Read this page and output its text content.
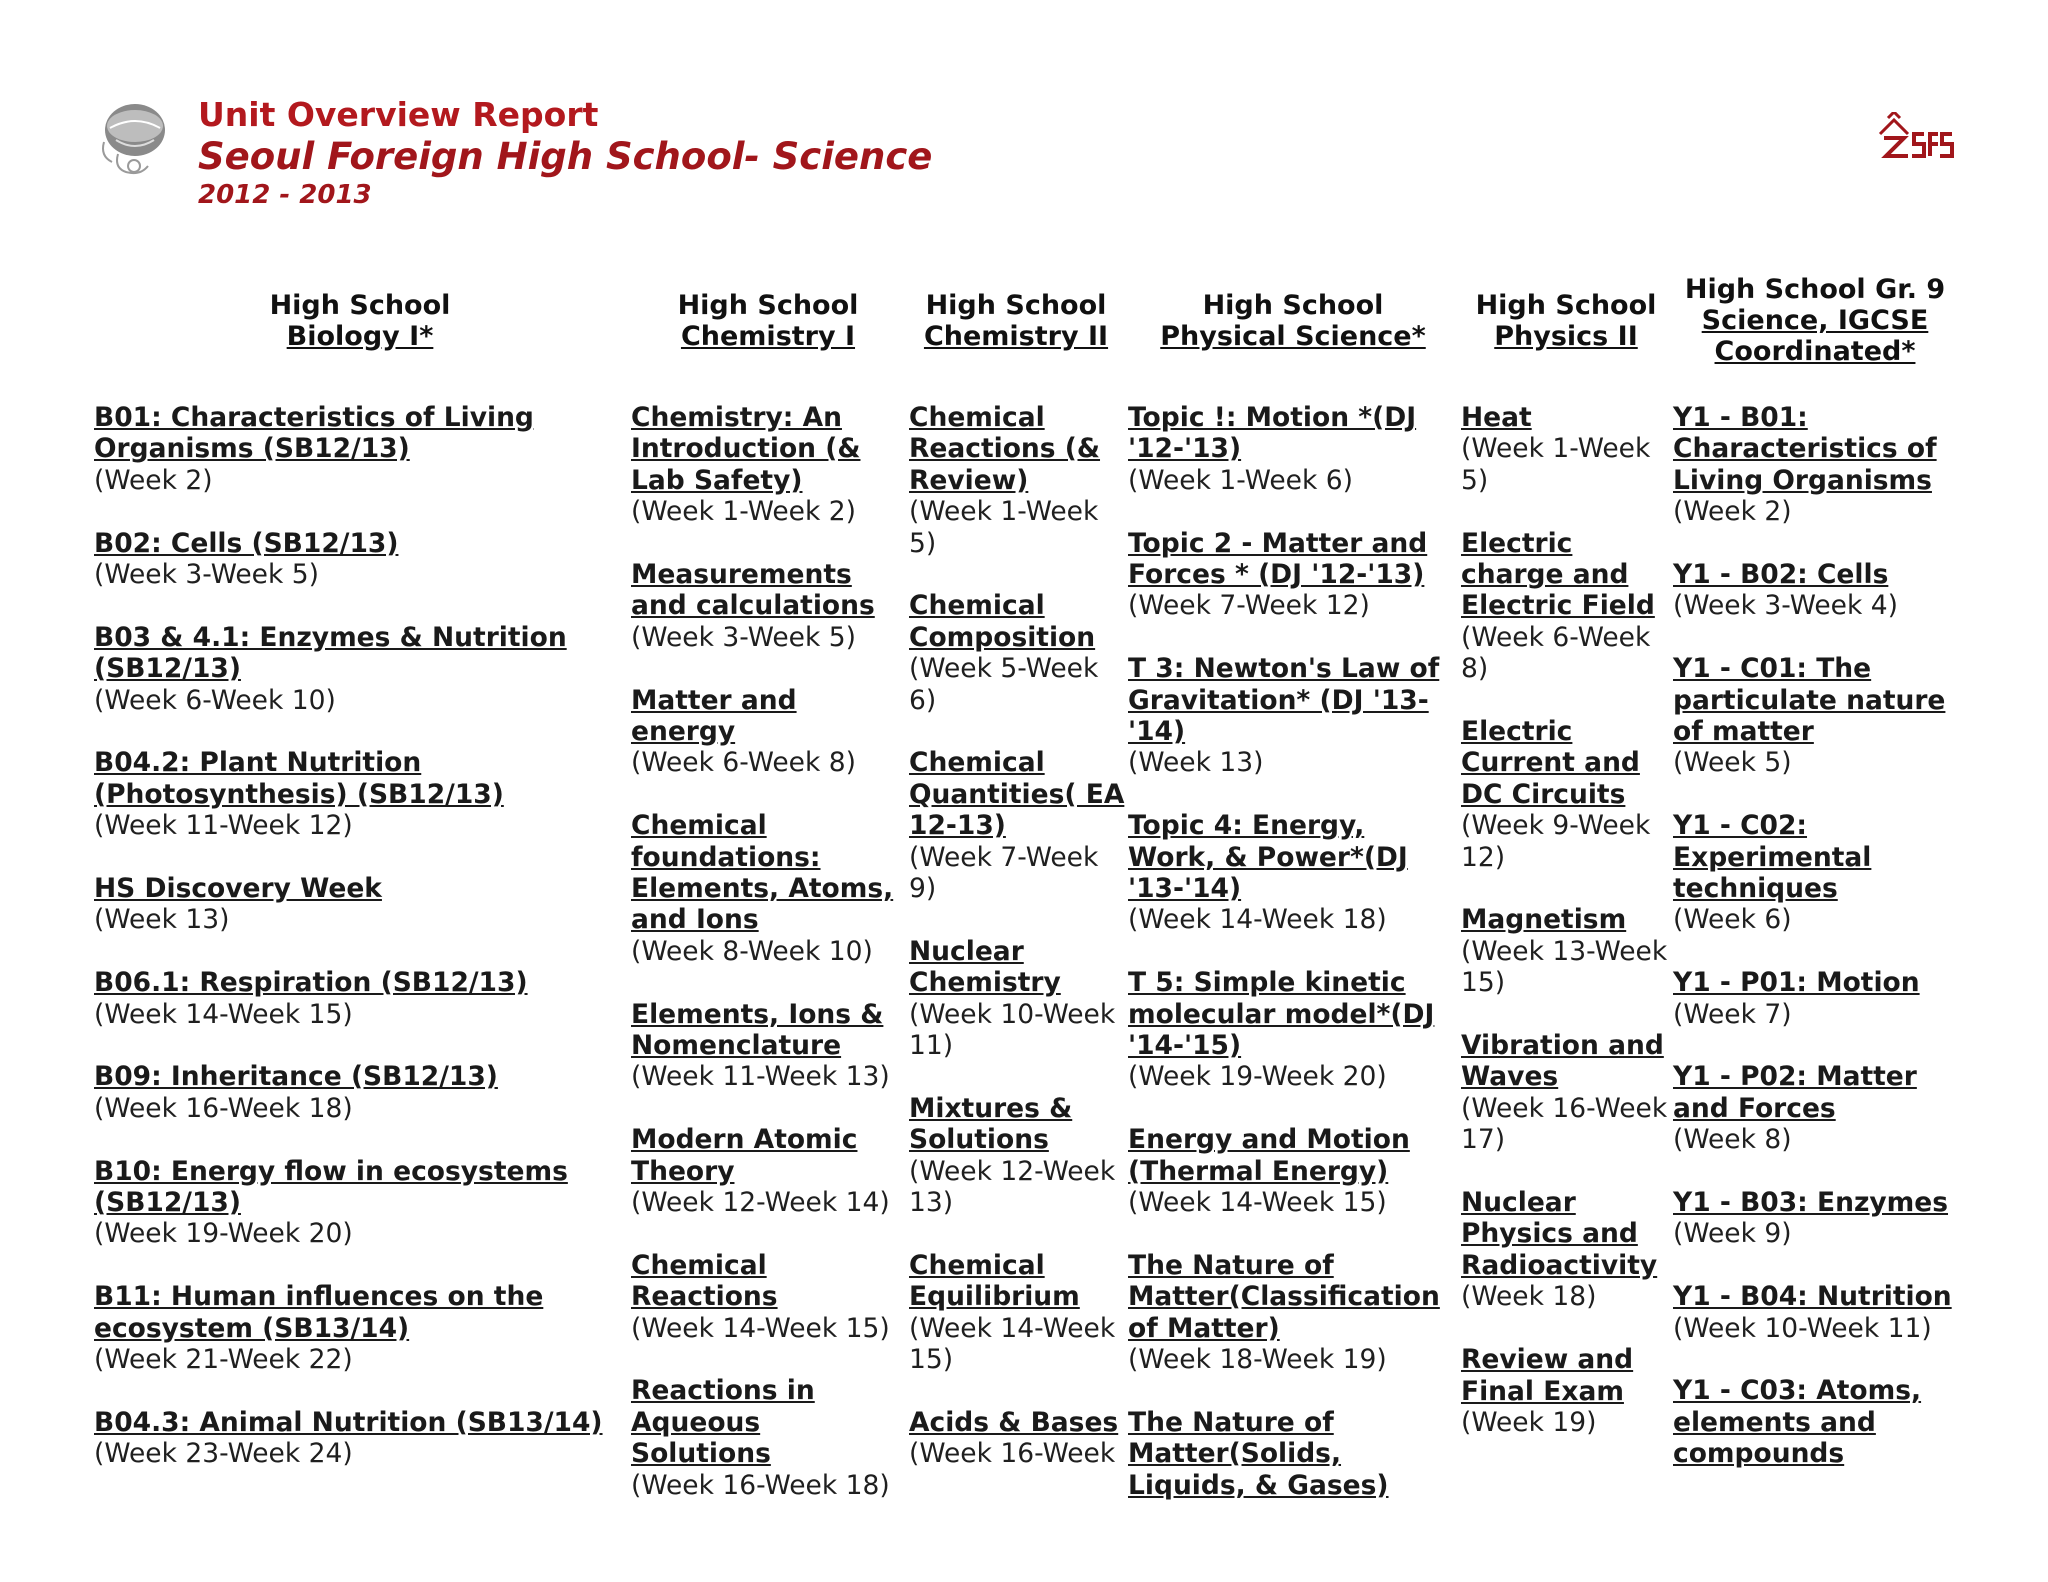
Unit Overview Report
Seoul Foreign High School- Science
2012 - 2013
High School
Biology I*
High School
Chemistry I
High School
Chemistry II
High School
Physical Science*
High School
Physics II
High School Gr. 9
Science, IGCSE Coordinated*
B01: Characteristics of Living Organisms (SB12/13)
(Week 2)
B02: Cells (SB12/13)
(Week 3-Week 5)
B03 & 4.1: Enzymes & Nutrition (SB12/13)
(Week 6-Week 10)
B04.2: Plant Nutrition (Photosynthesis) (SB12/13)
(Week 11-Week 12)
HS Discovery Week
(Week 13)
B06.1: Respiration (SB12/13)
(Week 14-Week 15)
B09: Inheritance (SB12/13)
(Week 16-Week 18)
B10: Energy flow in ecosystems (SB12/13)
(Week 19-Week 20)
B11: Human influences on the ecosystem (SB13/14)
(Week 21-Week 22)
B04.3: Animal Nutrition (SB13/14)
(Week 23-Week 24)
Chemistry: An Introduction (& Lab Safety)
(Week 1-Week 2)
Measurements and calculations
(Week 3-Week 5)
Matter and energy
(Week 6-Week 8)
Chemical foundations: Elements, Atoms, and Ions
(Week 8-Week 10)
Elements, Ions & Nomenclature
(Week 11-Week 13)
Modern Atomic Theory
(Week 12-Week 14)
Chemical Reactions
(Week 14-Week 15)
Reactions in Aqueous Solutions
(Week 16-Week 18)
Chemical Reactions (& Review)
(Week 1-Week 5)
Chemical Composition
(Week 5-Week 6)
Chemical Quantities( EA 12-13)
(Week 7-Week 9)
Nuclear Chemistry
(Week 10-Week 11)
Mixtures & Solutions
(Week 12-Week 13)
Chemical Equilibrium
(Week 14-Week 15)
Acids & Bases
(Week 16-Week
Topic !: Motion *(DJ '12-'13)
(Week 1-Week 6)
Topic 2 - Matter and Forces * (DJ '12-'13)
(Week 7-Week 12)
T 3: Newton's Law of Gravitation* (DJ '13-'14)
(Week 13)
Topic 4: Energy, Work, & Power*(DJ '13-'14)
(Week 14-Week 18)
T 5: Simple kinetic molecular model*(DJ '14-'15)
(Week 19-Week 20)
Energy and Motion (Thermal Energy)
(Week 14-Week 15)
The Nature of Matter(Classification of Matter)
(Week 18-Week 19)
The Nature of Matter(Solids, Liquids, & Gases)
Heat
(Week 1-Week 5)
Electric charge and Electric Field
(Week 6-Week 8)
Electric Current and DC Circuits
(Week 9-Week 12)
Magnetism
(Week 13-Week 15)
Vibration and Waves
(Week 16-Week 17)
Nuclear Physics and Radioactivity
(Week 18)
Review and Final Exam
(Week 19)
Y1 - B01: Characteristics of Living Organisms
(Week 2)
Y1 - B02: Cells
(Week 3-Week 4)
Y1 - C01: The particulate nature of matter
(Week 5)
Y1 - C02: Experimental techniques
(Week 6)
Y1 - P01: Motion
(Week 7)
Y1 - P02: Matter and Forces
(Week 8)
Y1 - B03: Enzymes
(Week 9)
Y1 - B04: Nutrition
(Week 10-Week 11)
Y1 - C03: Atoms, elements and compounds
